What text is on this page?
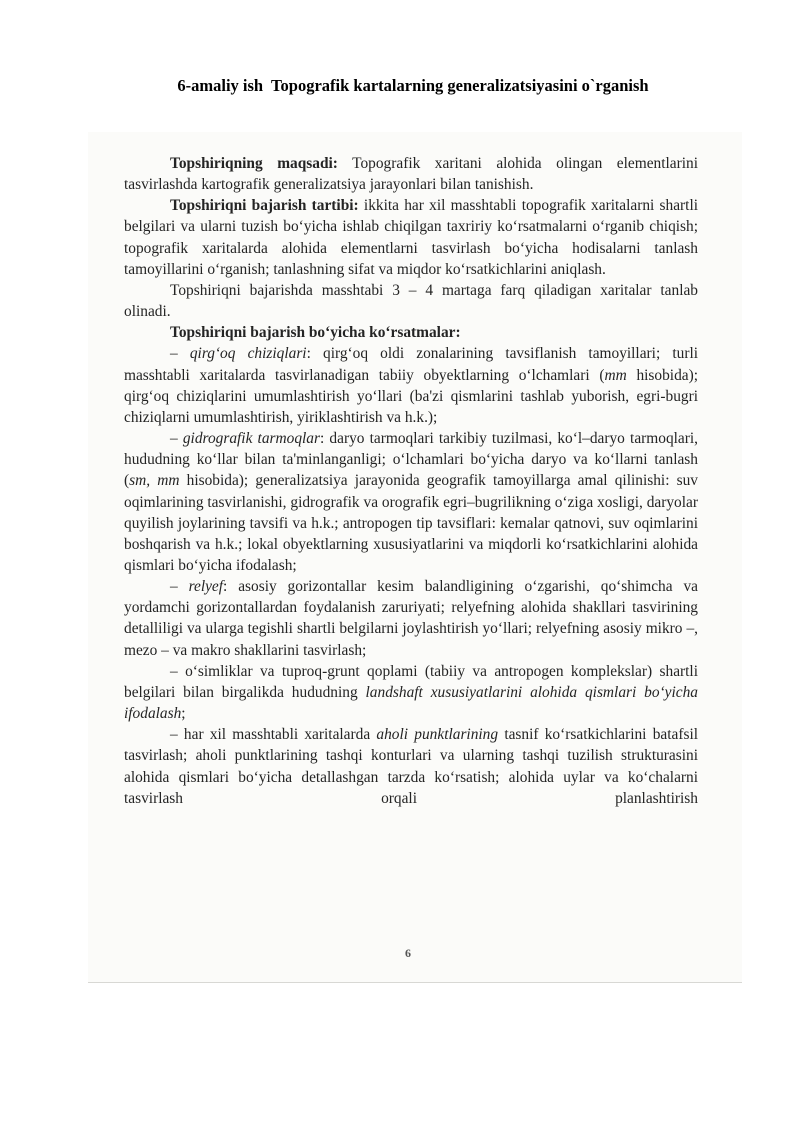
6-amaliy ish  Topografik kartalarning generalizatsiyasini o`rganish

Topshiriqning maqsadi: Topografik xaritani alohida olingan elementlarini tasvirlashda kartografik generalizatsiya jarayonlari bilan tanishish.

Topshiriqni bajarish tartibi: ikkita har xil masshtabli topografik xaritalarni shartli belgilari va ularni tuzish bo‘yicha ishlab chiqilgan taxririy ko‘rsatmalarni o‘rganib chiqish; topografik xaritalarda alohida elementlarni tasvirlash bo‘yicha hodisalarni tanlash tamoyillarini o‘rganish; tanlashning sifat va miqdor ko‘rsatkichlarini aniqlash.

Topshiriqni bajarishda masshtabi 3 – 4 martaga farq qiladigan xaritalar tanlab olinadi.

Topshiriqni bajarish bo‘yicha ko‘rsatmalar:

– qirg‘oq chiziqlari: qirg‘oq oldi zonalarining tavsiflanish tamoyillari; turli masshtabli xaritalarda tasvirlanadigan tabiiy obyektlarning o‘lchamlari (mm hisobida); qirg‘oq chiziqlarini umumlashtirish yo‘llari (ba'zi qismlarini tashlab yuborish, egri-bugri chiziqlarni umumlashtirish, yiriklashtirish va h.k.);

– gidrografik tarmoqlar: daryo tarmoqlari tarkibiy tuzilmasi, ko‘l–daryo tarmoqlari, hududning ko‘llar bilan ta'minlanganligi; o‘lchamlari bo‘yicha daryo va ko‘llarni tanlash (sm, mm hisobida); generalizatsiya jarayonida geografik tamoyillarga amal qilinishi: suv oqimlarining tasvirlanishi, gidrografik va orografik egri–bugrilikning o‘ziga xosligi, daryolar quyilish joylarining tavsifi va h.k.; antropogen tip tavsiflari: kemalar qatnovi, suv oqimlarini boshqarish va h.k.; lokal obyektlarning xususiyatlarini va miqdorli ko‘rsatkichlarini alohida qismlari bo‘yicha ifodalash;

– relyef: asosiy gorizontallar kesim balandligining o‘zgarishi, qo‘shimcha va yordamchi gorizontallardan foydalanish zaruriyati; relyefning alohida shakllari tasvirining detalliligi va ularga tegishli shartli belgilarni joylashtirish yo‘llari; relyefning asosiy mikro –, mezo – va makro shakllarini tasvirlash;

– o‘simliklar va tuproq-grunt qoplami (tabiiy va antropogen komplekslar) shartli belgilari bilan birgalikda hududning landshaft xususiyatlarini alohida qismlari bo‘yicha ifodalash;

– har xil masshtabli xaritalarda aholi punktlarining tasnif ko‘rsatkichlarini batafsil tasvirlash; aholi punktlarining tashqi konturlari va ularning tashqi tuzilish strukturasini alohida qismlari bo‘yicha detallashgan tarzda ko‘rsatish; alohida uylar va ko‘chalarni tasvirlash orqali planlashtirish

6
